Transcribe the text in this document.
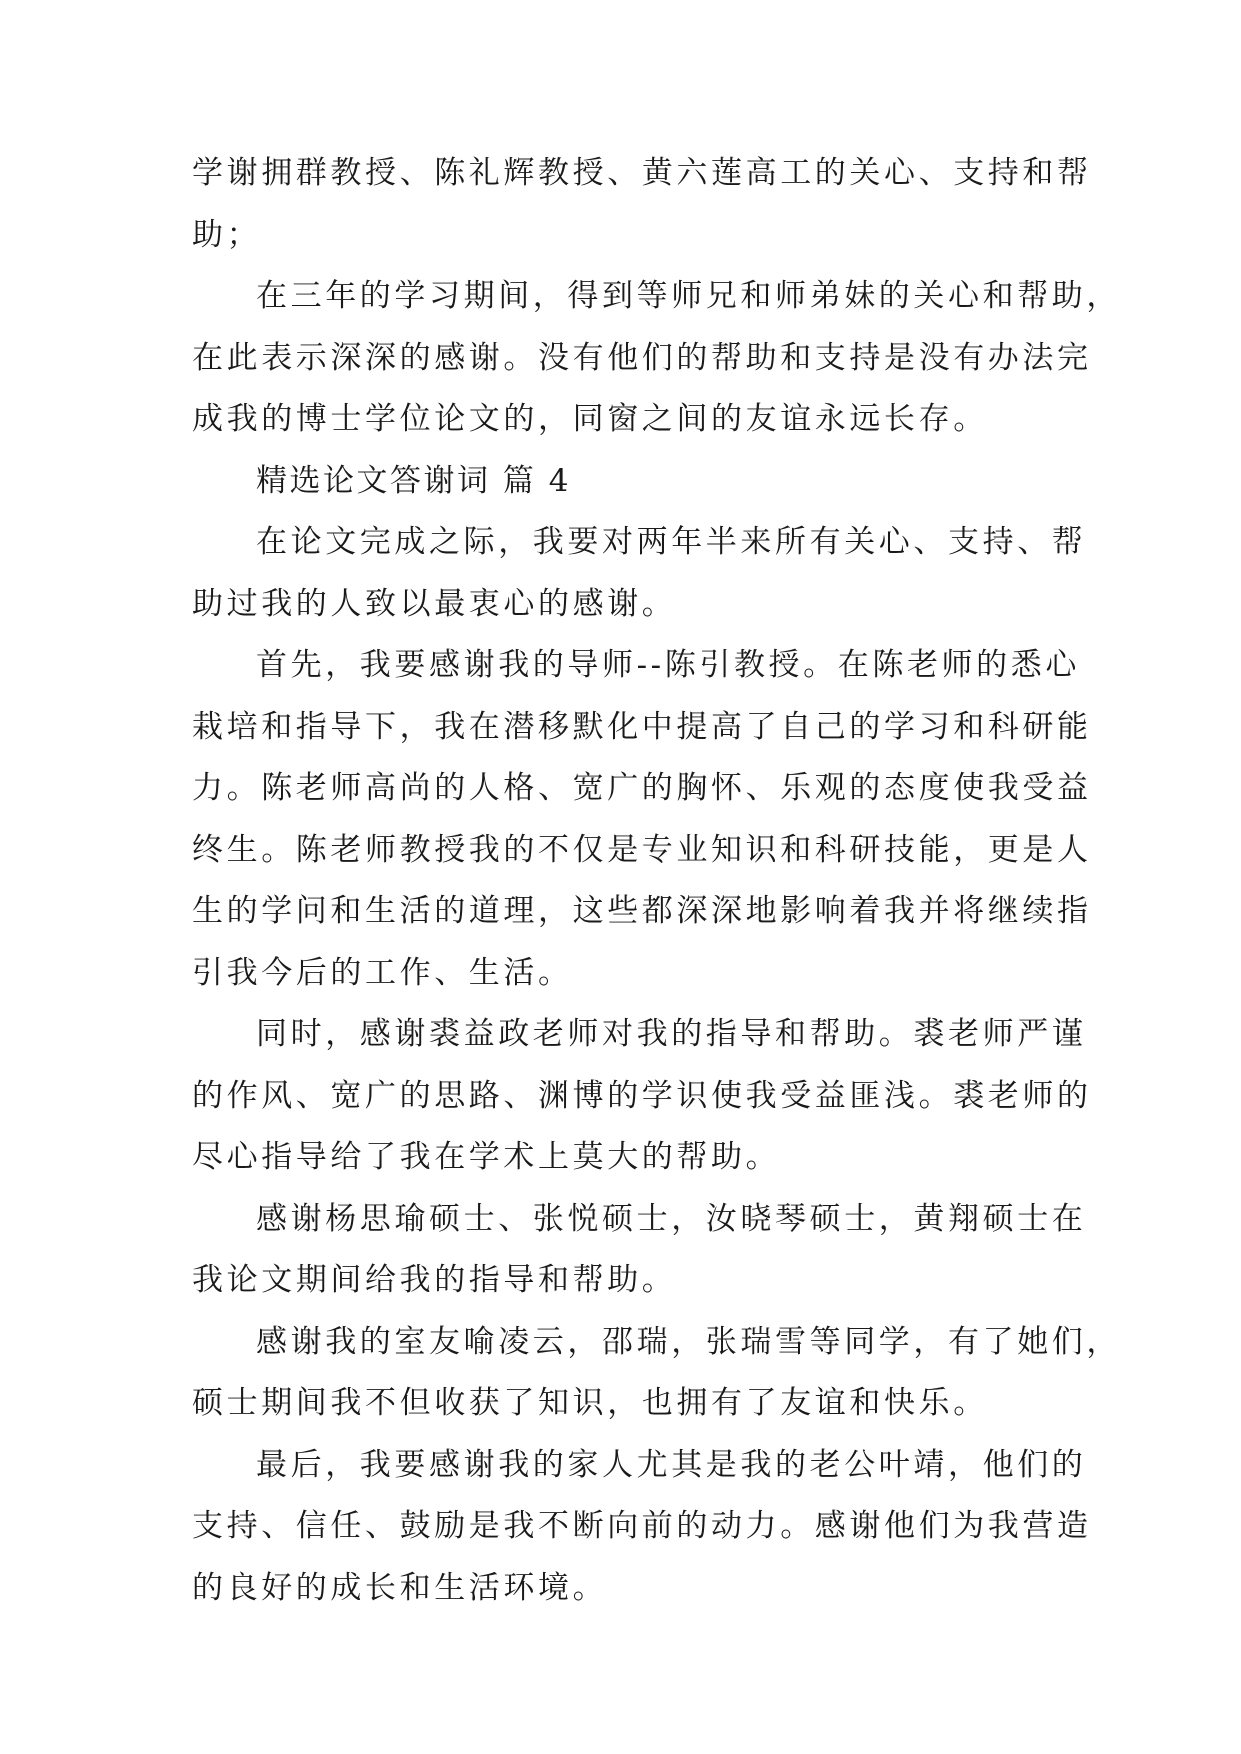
学谢拥群教授、陈礼辉教授、黄六莲高工的关心、支持和帮
助；
在三年的学习期间，得到等师兄和师弟妹的关心和帮助，
在此表示深深的感谢。没有他们的帮助和支持是没有办法完
成我的博士学位论文的，同窗之间的友谊永远长存。
精选论文答谢词 篇 4
在论文完成之际，我要对两年半来所有关心、支持、帮
助过我的人致以最衷心的感谢。
首先，我要感谢我的导师--陈引教授。在陈老师的悉心
栽培和指导下，我在潜移默化中提高了自己的学习和科研能
力。陈老师高尚的人格、宽广的胸怀、乐观的态度使我受益
终生。陈老师教授我的不仅是专业知识和科研技能，更是人
生的学问和生活的道理，这些都深深地影响着我并将继续指
引我今后的工作、生活。
同时，感谢裘益政老师对我的指导和帮助。裘老师严谨
的作风、宽广的思路、渊博的学识使我受益匪浅。裘老师的
尽心指导给了我在学术上莫大的帮助。
感谢杨思瑜硕士、张悦硕士，汝晓琴硕士，黄翔硕士在
我论文期间给我的指导和帮助。
感谢我的室友喻凌云，邵瑞，张瑞雪等同学，有了她们，
硕士期间我不但收获了知识，也拥有了友谊和快乐。
最后，我要感谢我的家人尤其是我的老公叶靖，他们的
支持、信任、鼓励是我不断向前的动力。感谢他们为我营造
的良好的成长和生活环境。
